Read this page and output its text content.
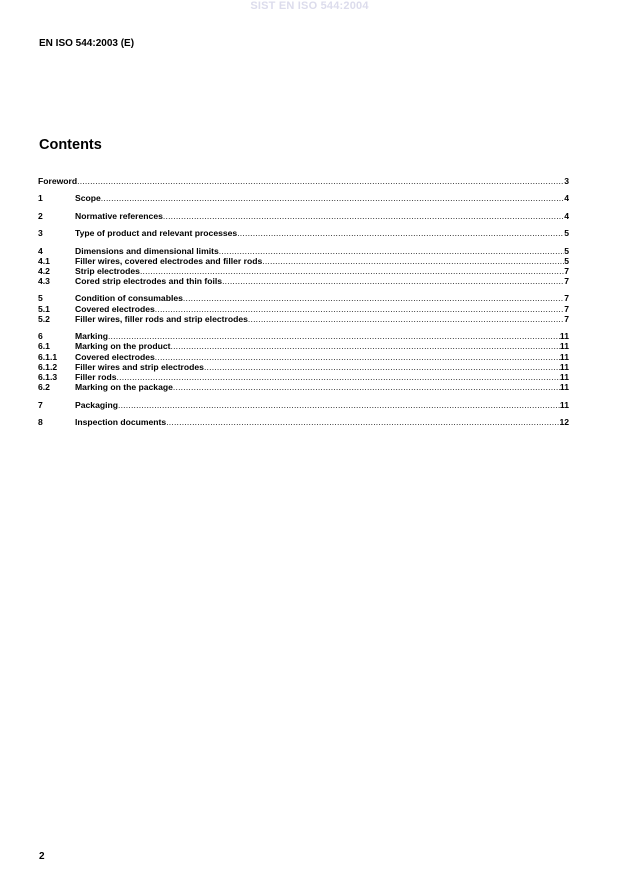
SIST EN ISO 544:2004
EN ISO 544:2003 (E)
Contents
Foreword .....	3
1	Scope .....	4
2	Normative references .....	4
3	Type of product and relevant processes .....	5
4	Dimensions and dimensional limits .....	5
4.1	Filler wires, covered electrodes and filler rods .....	5
4.2	Strip electrodes .....	7
4.3	Cored strip electrodes and thin foils .....	7
5	Condition of consumables .....	7
5.1	Covered electrodes .....	7
5.2	Filler wires, filler rods and strip electrodes .....	7
6	Marking .....	11
6.1	Marking on the product .....	11
6.1.1 Covered electrodes .....	11
6.1.2 Filler wires and strip electrodes .....	11
6.1.3 Filler rods .....	11
6.2	Marking on the package .....	11
7	Packaging .....	11
8	Inspection documents .....	12
2
